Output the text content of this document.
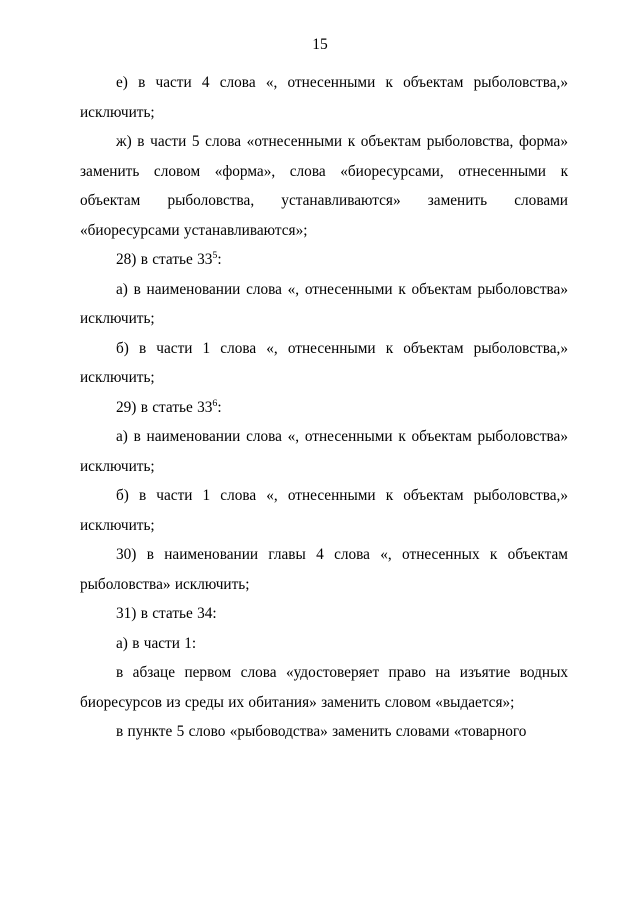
15

е) в части 4 слова «, отнесенными к объектам рыболовства,» исключить;

ж) в части 5 слова «отнесенными к объектам рыболовства, форма» заменить словом «форма», слова «биоресурсами, отнесенными к объектам рыболовства, устанавливаются» заменить словами «биоресурсами устанавливаются»;

28) в статье $33^5$:

а) в наименовании слова «, отнесенными к объектам рыболовства» исключить;

б) в части 1 слова «, отнесенными к объектам рыболовства,» исключить;

29) в статье $33^6$:

а) в наименовании слова «, отнесенными к объектам рыболовства» исключить;

б) в части 1 слова «, отнесенными к объектам рыболовства,» исключить;

30) в наименовании главы 4 слова «, отнесенных к объектам рыболовства» исключить;

31) в статье 34:

а) в части 1:

в абзаце первом слова «удостоверяет право на изъятие водных биоресурсов из среды их обитания» заменить словом «выдается»;

в пункте 5 слово «рыбоводства» заменить словами «товарного
